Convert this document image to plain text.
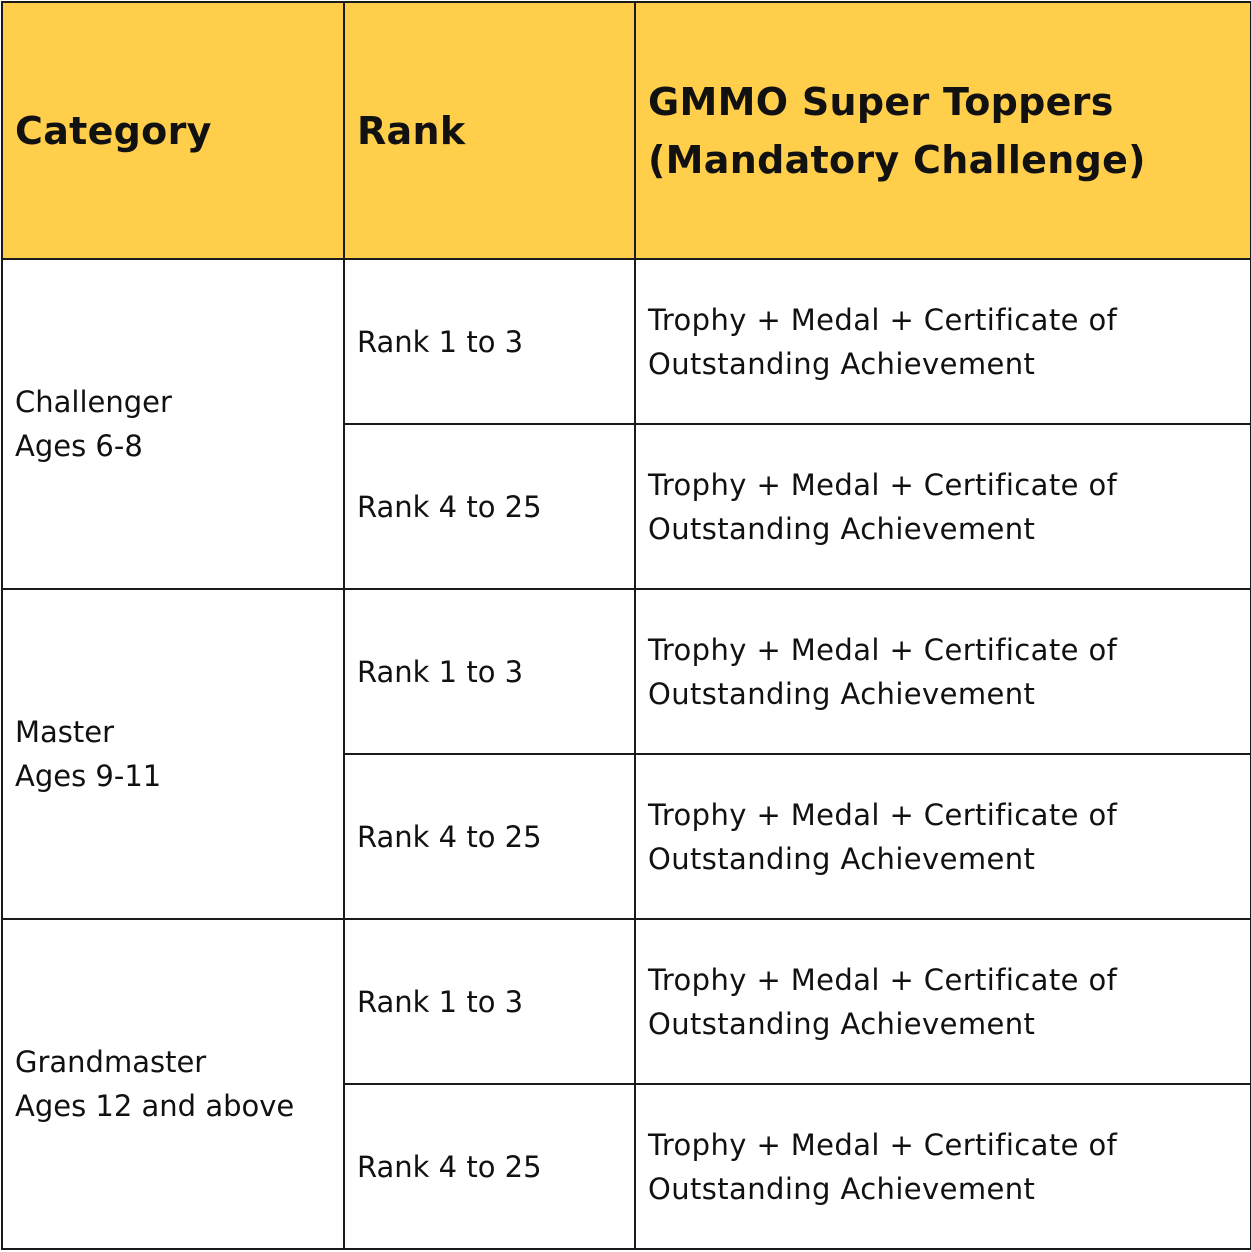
Category	Rank	GMMO Super Toppers
(Mandatory Challenge)

Challenger
Ages 6-8	Rank 1 to 3	Trophy + Medal + Certificate of
Outstanding Achievement

	Rank 4 to 25	Trophy + Medal + Certificate of
Outstanding Achievement

Master
Ages 9-11	Rank 1 to 3	Trophy + Medal + Certificate of
Outstanding Achievement

	Rank 4 to 25	Trophy + Medal + Certificate of
Outstanding Achievement

Grandmaster
Ages 12 and above	Rank 1 to 3	Trophy + Medal + Certificate of
Outstanding Achievement

	Rank 4 to 25	Trophy + Medal + Certificate of
Outstanding Achievement
